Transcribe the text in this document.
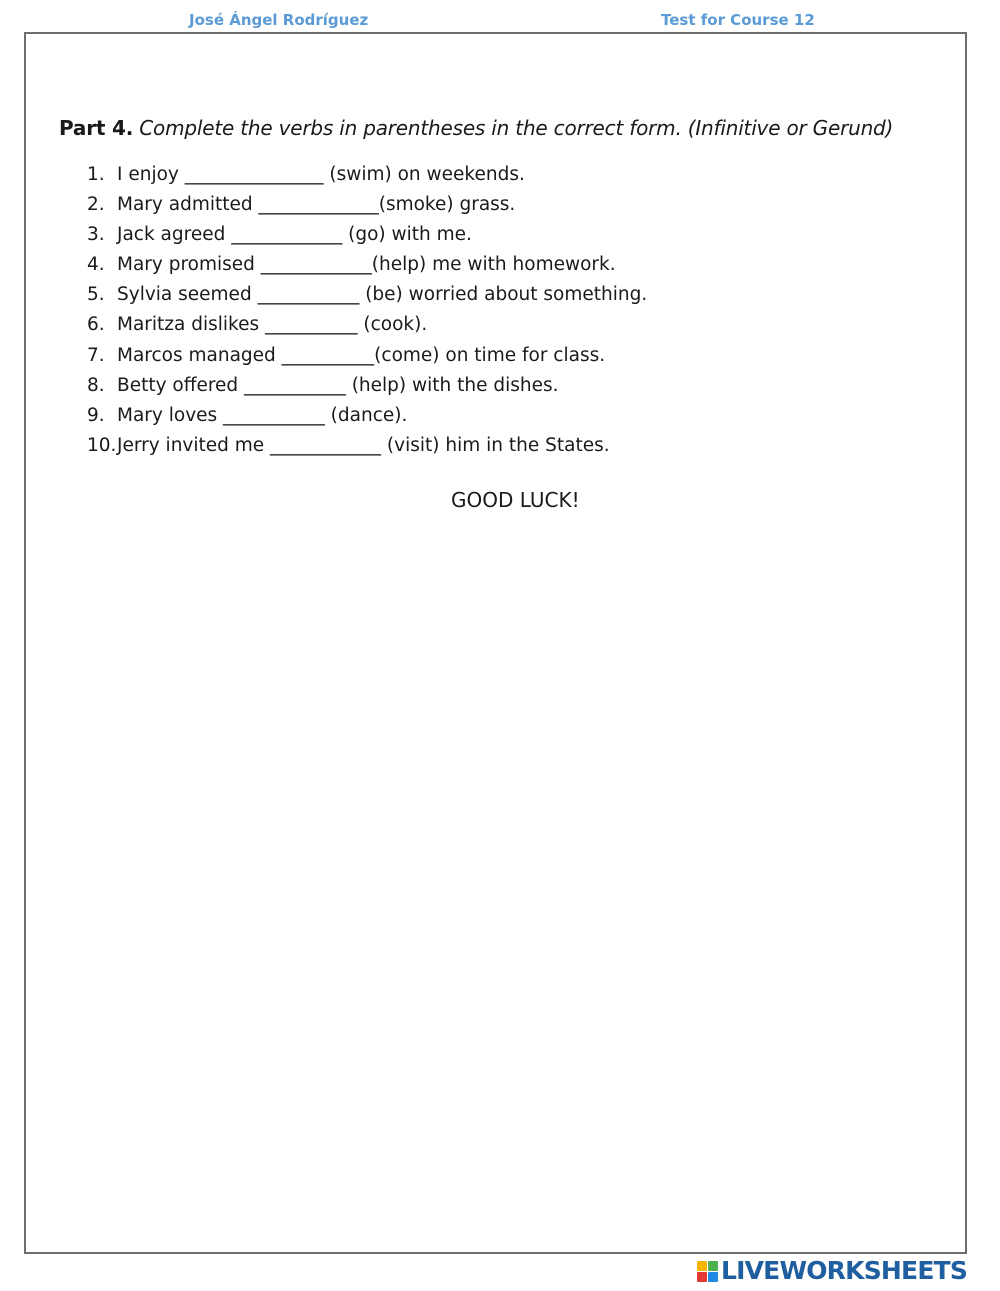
José Ángel Rodríguez	Test for Course 12
Part 4. Complete the verbs in parentheses in the correct form. (Infinitive or Gerund)
1. I enjoy _______________ (swim) on weekends.
2. Mary admitted _____________(smoke) grass.
3. Jack agreed ____________ (go) with me.
4. Mary promised ____________(help) me with homework.
5. Sylvia seemed ___________ (be) worried about something.
6. Maritza dislikes __________ (cook).
7. Marcos managed __________(come) on time for class.
8. Betty offered ___________ (help) with the dishes.
9. Mary loves ___________ (dance).
10. Jerry invited me ____________ (visit) him in the States.
GOOD LUCK!
LIVEWORKSHEETS
